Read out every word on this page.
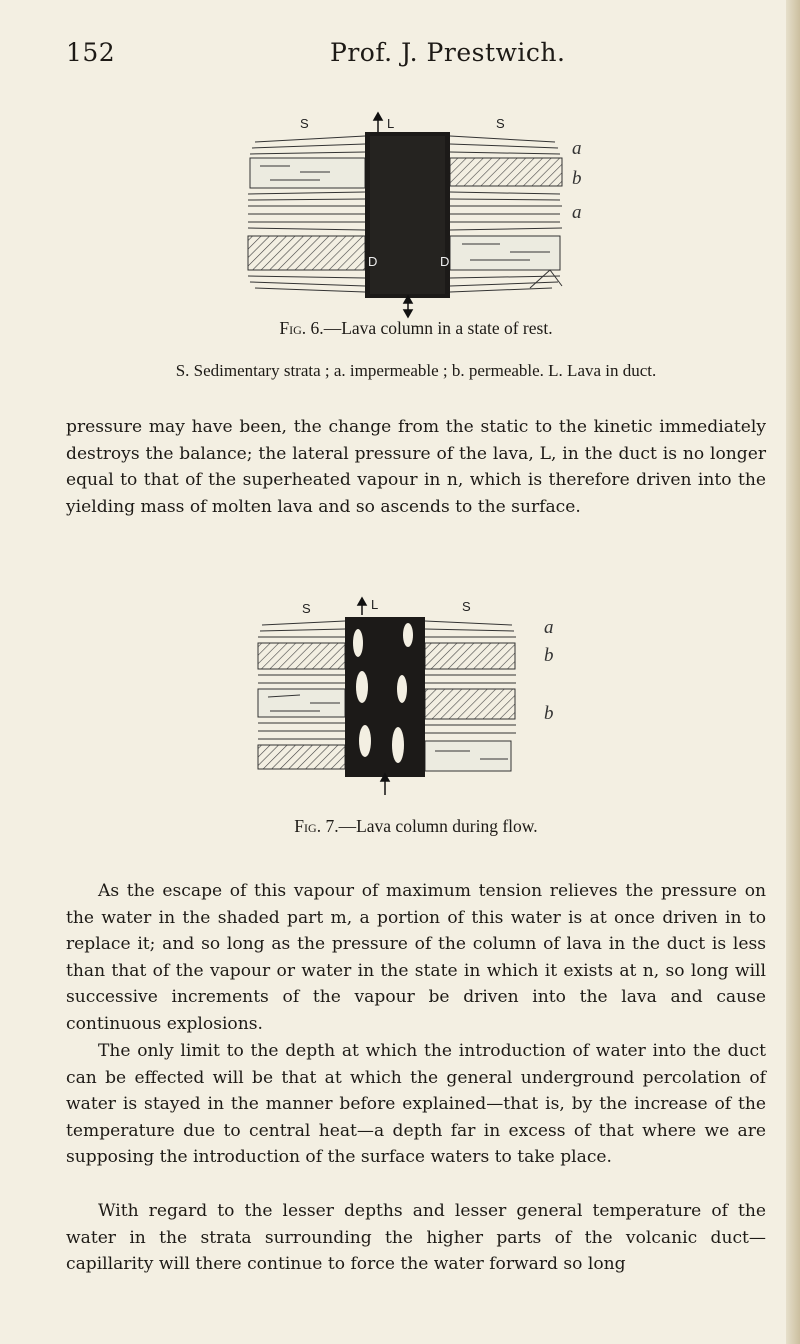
152	Prof. J. Prestwich.
S	L	S
a
b
a
D	D
Fig. 6.—Lava column in a state of rest.
S. Sedimentary strata ; a. impermeable ; b. permeable. L. Lava in duct.

pressure may have been, the change from the static to the kinetic immediately destroys the balance; the lateral pressure of the lava, L, in the duct is no longer equal to that of the superheated vapour in n, which is therefore driven into the yielding mass of molten lava and so ascends to the surface.

S	L	S
a
b
b
Fig. 7.—Lava column during flow.

As the escape of this vapour of maximum tension relieves the pressure on the water in the shaded part m, a portion of this water is at once driven in to replace it; and so long as the pressure of the column of lava in the duct is less than that of the vapour or water in the state in which it exists at n, so long will successive increments of the vapour be driven into the lava and cause continuous explosions.

The only limit to the depth at which the introduction of water into the duct can be effected will be that at which the general underground percolation of water is stayed in the manner before explained—that is, by the increase of the temperature due to central heat—a depth far in excess of that where we are supposing the introduction of the surface waters to take place.

With regard to the lesser depths and lesser general temperature of the water in the strata surrounding the higher parts of the volcanic duct—capillarity will there continue to force the water forward so long
